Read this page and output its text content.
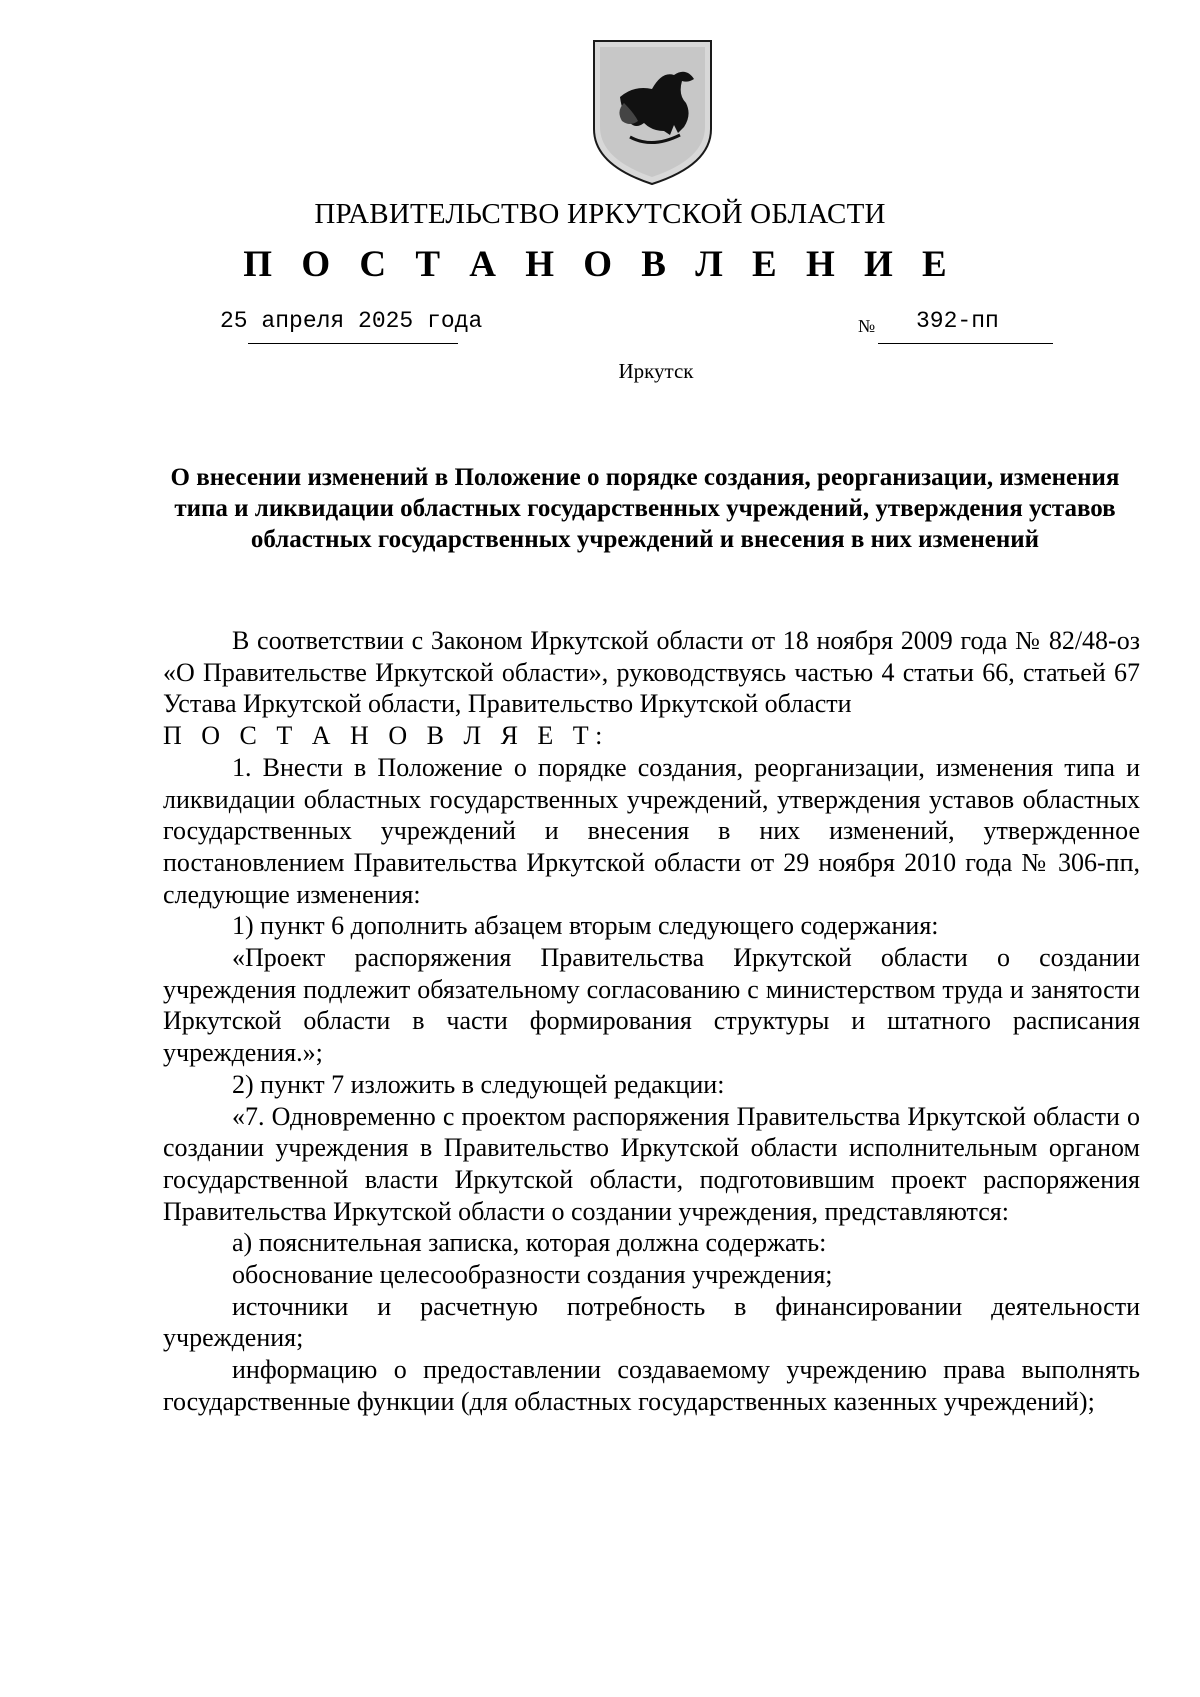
ПРАВИТЕЛЬСТВО ИРКУТСКОЙ ОБЛАСТИ
П О С Т А Н О В Л Е Н И Е
25 апреля 2025 года	№ 392-пп
Иркутск
О внесении изменений в Положение о порядке создания, реорганизации, изменения типа и ликвидации областных государственных учреждений, утверждения уставов областных государственных учреждений и внесения в них изменений

В соответствии с Законом Иркутской области от 18 ноября 2009 года № 82/48-оз «О Правительстве Иркутской области», руководствуясь частью 4 статьи 66, статьей 67 Устава Иркутской области, Правительство Иркутской области

П О С Т А Н О В Л Я Е Т:

1. Внести в Положение о порядке создания, реорганизации, изменения типа и ликвидации областных государственных учреждений, утверждения уставов областных государственных учреждений и внесения в них изменений, утвержденное постановлением Правительства Иркутской области от 29 ноября 2010 года № 306-пп, следующие изменения:

1) пункт 6 дополнить абзацем вторым следующего содержания:

«Проект распоряжения Правительства Иркутской области о создании учреждения подлежит обязательному согласованию с министерством труда и занятости Иркутской области в части формирования структуры и штатного расписания учреждения.»;

2) пункт 7 изложить в следующей редакции:

«7. Одновременно с проектом распоряжения Правительства Иркутской области о создании учреждения в Правительство Иркутской области исполнительным органом государственной власти Иркутской области, подготовившим проект распоряжения Правительства Иркутской области о создании учреждения, представляются:

а) пояснительная записка, которая должна содержать:

обоснование целесообразности создания учреждения;

источники и расчетную потребность в финансировании деятельности учреждения;

информацию о предоставлении создаваемому учреждению права выполнять государственные функции (для областных государственных казенных учреждений);
